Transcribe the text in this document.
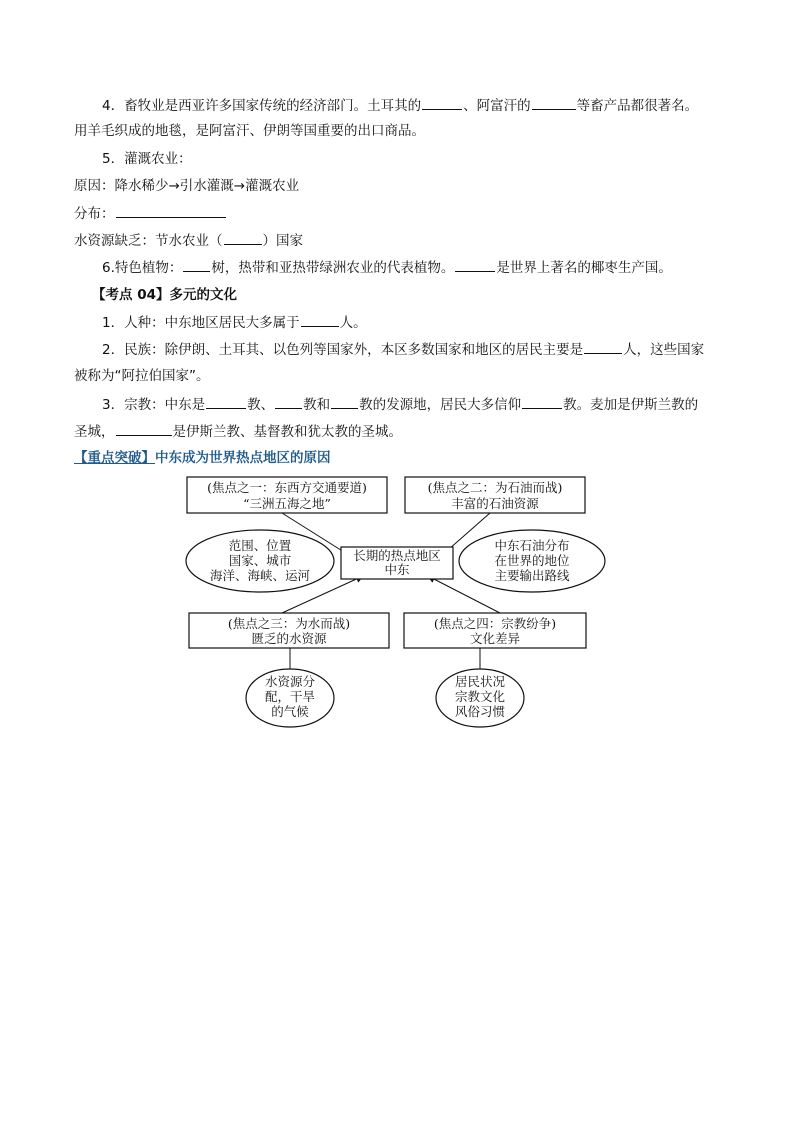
4．畜牧业是西亚许多国家传统的经济部门。土耳其的	、阿富汗的	等畜产品都很著名。
用羊毛织成的地毯，是阿富汗、伊朗等国重要的出口商品。
5．灌溉农业：
原因：降水稀少→引水灌溉→灌溉农业
分布：
水资源缺乏：节水农业（	）国家
6.特色植物： 树，热带和亚热带绿洲农业的代表植物。	是世界上著名的椰枣生产国。
【考点 04】多元的文化
1．人种：中东地区居民大多属于	人。
2．民族：除伊朗、土耳其、以色列等国家外，本区多数国家和地区的居民主要是	人，这些国家
被称为“阿拉伯国家”。
3．宗教：中东是	教、 教和 教的发源地，居民大多信仰	教。麦加是伊斯兰教的
圣城，	是伊斯兰教、基督教和犹太教的圣城。
【重点突破】中东成为世界热点地区的原因
(焦点之一：东西方交通要道)
“三洲五海之地”
(焦点之二：为石油而战)
丰富的石油资源
范围、位置
国家、城市
海洋、海峡、运河
长期的热点地区
中东
中东石油分布
在世界的地位
主要输出路线
(焦点之三：为水而战)
匮乏的水资源
(焦点之四：宗教纷争)
文化差异
水资源分
配，干旱
的气候
居民状况
宗教文化
风俗习惯
